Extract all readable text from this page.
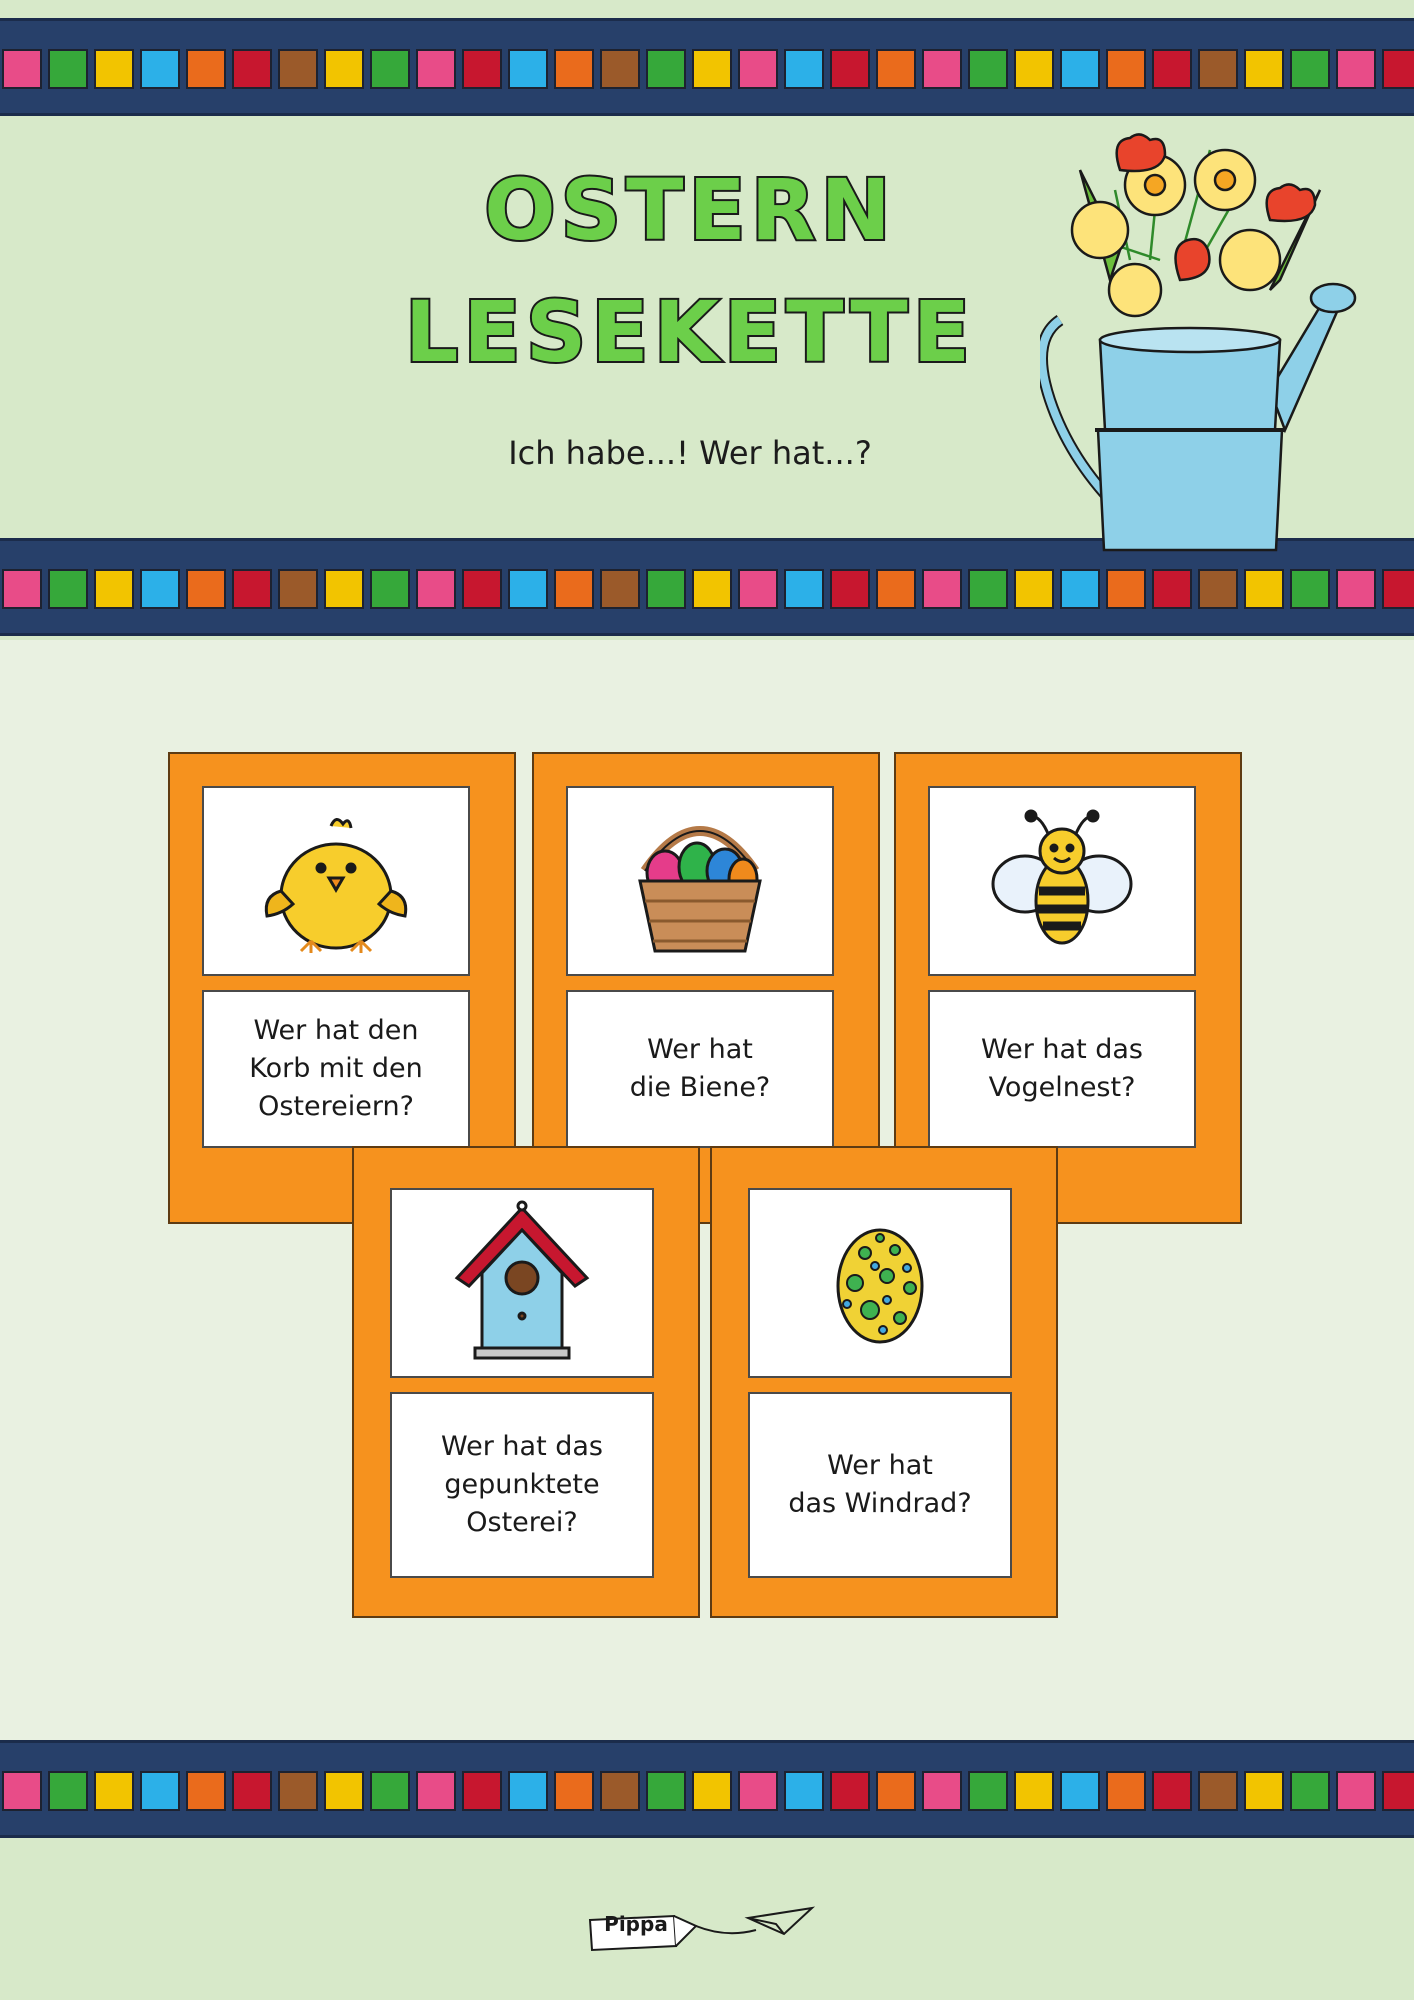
OSTERN
LESEKETTE
Ich habe...! Wer hat...?
Wer hat den
Korb mit den
Ostereiern?
Wer hat
die Biene?
Wer hat das
Vogelnest?
Wer hat das
gepunktete
Osterei?
Wer hat
das Windrad?
Pippa
